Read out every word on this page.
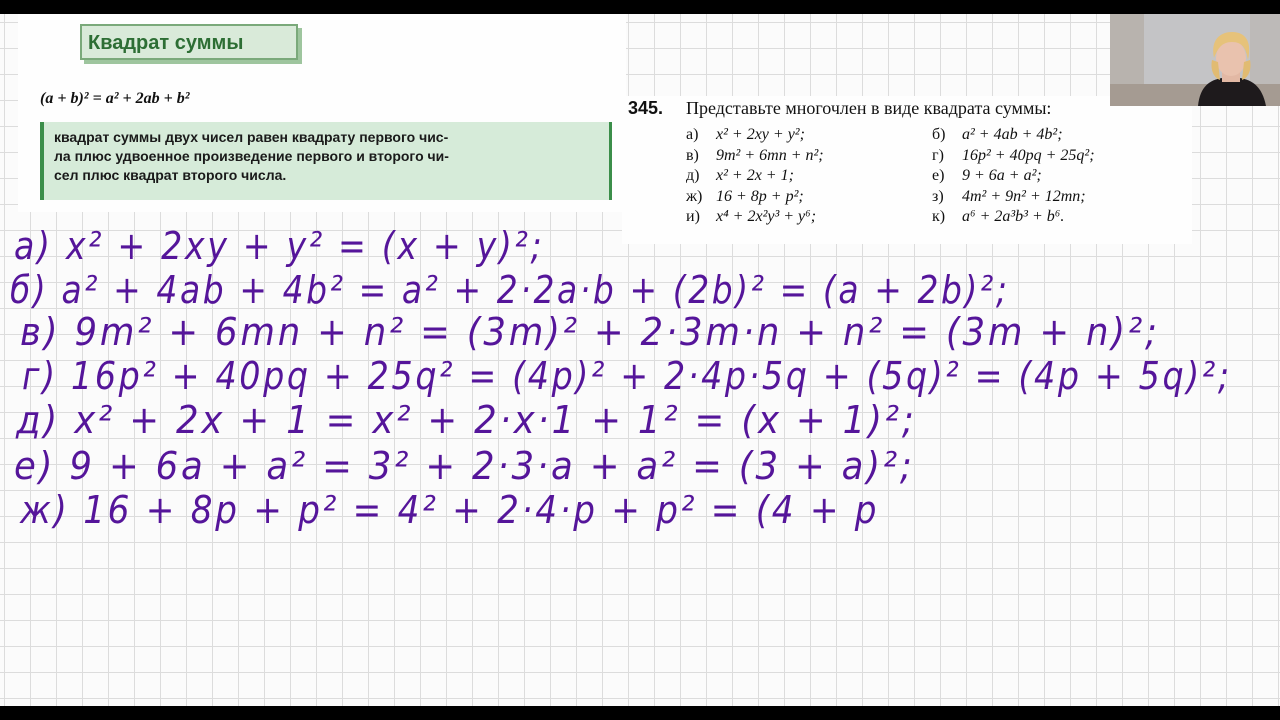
Квадрат суммы
(a + b)² = a² + 2ab + b²
квадрат суммы двух чисел равен квадрату первого чис-
ла плюс удвоенное произведение первого и второго чи-
сел плюс квадрат второго числа.
345. Представьте многочлен в виде квадрата суммы:
а) x² + 2xy + y²;	б) a² + 4ab + 4b²;
в) 9m² + 6mn + n²;	г) 16p² + 40pq + 25q²;
д) x² + 2x + 1;	е) 9 + 6a + a²;
ж) 16 + 8p + p²;	з) 4m² + 9n² + 12mn;
и) x⁴ + 2x²y³ + y⁶;	к) a⁶ + 2a³b³ + b⁶.
а) x² + 2xy + y² = (x + y)²;
б) a² + 4ab + 4b² = a² + 2·2a·b + (2b)² = (a + 2b)²;
в) 9m² + 6mn + n² = (3m)² + 2·3m·n + n² = (3m + n)²;
г) 16p² + 40pq + 25q² = (4p)² + 2·4p·5q + (5q)² = (4p + 5q)²;
д) x² + 2x + 1 = x² + 2·x·1 + 1² = (x + 1)²;
е) 9 + 6a + a² = 3² + 2·3·a + a² = (3 + a)²;
ж) 16 + 8p + p² = 4² + 2·4·p + p² = (4 + p
